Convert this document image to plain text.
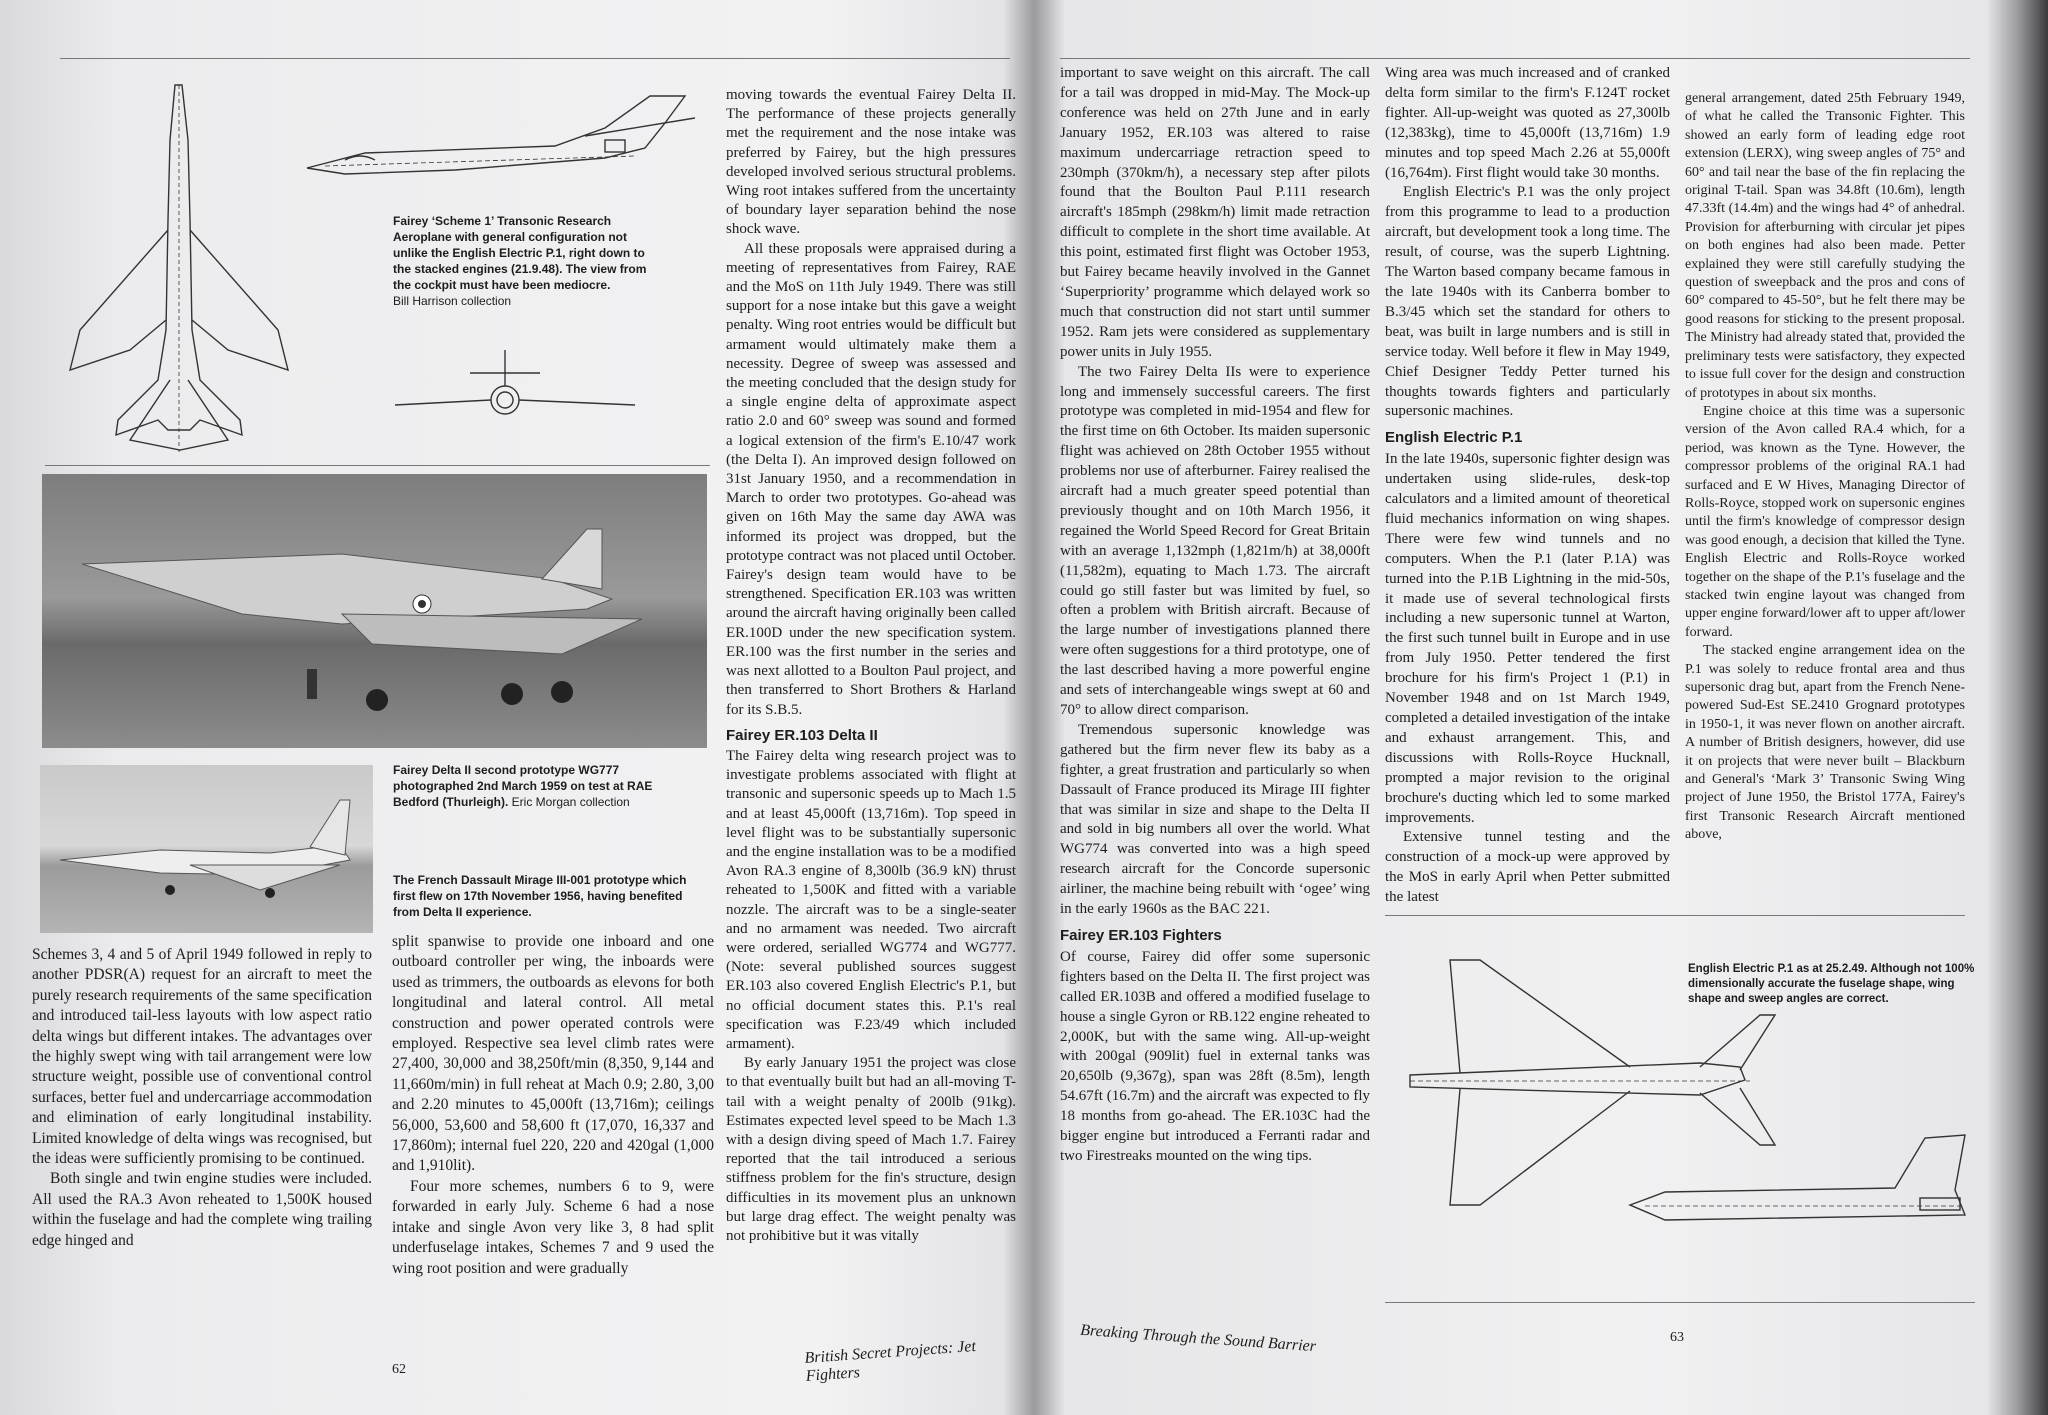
Fairey ‘Scheme 1’ Transonic Research Aeroplane with general configuration not unlike the English Electric P.1, right down to the stacked engines (21.9.48). The view from the cockpit must have been mediocre.
Bill Harrison collection
Fairey Delta II second prototype WG777 photographed 2nd March 1959 on test at RAE Bedford (Thurleigh). Eric Morgan collection
The French Dassault Mirage III-001 prototype which first flew on 17th November 1956, having benefited from Delta II experience.

Schemes 3, 4 and 5 of April 1949 followed in reply to another PDSR(A) request for an aircraft to meet the purely research requirements of the same specification and introduced tail-less layouts with low aspect ratio delta wings but different intakes. The advantages over the highly swept wing with tail arrangement were low structure weight, possible use of conventional control surfaces, better fuel and undercarriage accommodation and elimination of early longitudinal instability. Limited knowledge of delta wings was recognised, but the ideas were sufficiently promising to be continued.

Both single and twin engine studies were included. All used the RA.3 Avon reheated to 1,500K housed within the fuselage and had the complete wing trailing edge hinged and

split spanwise to provide one inboard and one outboard controller per wing, the inboards were used as trimmers, the outboards as elevons for both longitudinal and lateral control. All metal construction and power operated controls were employed. Respective sea level climb rates were 27,400, 30,000 and 38,250ft/min (8,350, 9,144 and 11,660m/min) in full reheat at Mach 0.9; 2.80, 3,00 and 2.20 minutes to 45,000ft (13,716m); ceilings 56,000, 53,600 and 58,600 ft (17,070, 16,337 and 17,860m); internal fuel 220, 220 and 420gal (1,000 and 1,910lit).

Four more schemes, numbers 6 to 9, were forwarded in early July. Scheme 6 had a nose intake and single Avon very like 3, 8 had split underfuselage intakes, Schemes 7 and 9 used the wing root position and were gradually

moving towards the eventual Fairey Delta II. The performance of these projects generally met the requirement and the nose intake was preferred by Fairey, but the high pressures developed involved serious structural problems. Wing root intakes suffered from the uncertainty of boundary layer separation behind the nose shock wave.

All these proposals were appraised during a meeting of representatives from Fairey, RAE and the MoS on 11th July 1949. There was still support for a nose intake but this gave a weight penalty. Wing root entries would be difficult but armament would ultimately make them a necessity. Degree of sweep was assessed and the meeting concluded that the design study for a single engine delta of approximate aspect ratio 2.0 and 60° sweep was sound and formed a logical extension of the firm's E.10/47 work (the Delta I). An improved design followed on 31st January 1950, and a recommendation in March to order two prototypes. Go-ahead was given on 16th May the same day AWA was informed its project was dropped, but the prototype contract was not placed until October. Fairey's design team would have to be strengthened. Specification ER.103 was written around the aircraft having originally been called ER.100D under the new specification system. ER.100 was the first number in the series and was next allotted to a Boulton Paul project, and then transferred to Short Brothers & Harland for its S.B.5.

Fairey ER.103 Delta II

The Fairey delta wing research project was to investigate problems associated with flight at transonic and supersonic speeds up to Mach 1.5 and at least 45,000ft (13,716m). Top speed in level flight was to be substantially supersonic and the engine installation was to be a modified Avon RA.3 engine of 8,300lb (36.9 kN) thrust reheated to 1,500K and fitted with a variable nozzle. The aircraft was to be a single-seater and no armament was needed. Two aircraft were ordered, serialled WG774 and WG777. (Note: several published sources suggest ER.103 also covered English Electric's P.1, but no official document states this. P.1's real specification was F.23/49 which included armament).

By early January 1951 the project was close to that eventually built but had an all-moving T-tail with a weight penalty of 200lb (91kg). Estimates expected level speed to be Mach 1.3 with a design diving speed of Mach 1.7. Fairey reported that the tail introduced a serious stiffness problem for the fin's structure, design difficulties in its movement plus an unknown but large drag effect. The weight penalty was not prohibitive but it was vitally

62
British Secret Projects: Jet Fighters

important to save weight on this aircraft. The call for a tail was dropped in mid-May. The Mock-up conference was held on 27th June and in early January 1952, ER.103 was altered to raise maximum undercarriage retraction speed to 230mph (370km/h), a necessary step after pilots found that the Boulton Paul P.111 research aircraft's 185mph (298km/h) limit made retraction difficult to complete in the short time available. At this point, estimated first flight was October 1953, but Fairey became heavily involved in the Gannet ‘Superpriority’ programme which delayed work so much that construction did not start until summer 1952. Ram jets were considered as supplementary power units in July 1955.

The two Fairey Delta IIs were to experience long and immensely successful careers. The first prototype was completed in mid-1954 and flew for the first time on 6th October. Its maiden supersonic flight was achieved on 28th October 1955 without problems nor use of afterburner. Fairey realised the aircraft had a much greater speed potential than previously thought and on 10th March 1956, it regained the World Speed Record for Great Britain with an average 1,132mph (1,821m/h) at 38,000ft (11,582m), equating to Mach 1.73. The aircraft could go still faster but was limited by fuel, so often a problem with British aircraft. Because of the large number of investigations planned there were often suggestions for a third prototype, one of the last described having a more powerful engine and sets of interchangeable wings swept at 60 and 70° to allow direct comparison.

Tremendous supersonic knowledge was gathered but the firm never flew its baby as a fighter, a great frustration and particularly so when Dassault of France produced its Mirage III fighter that was similar in size and shape to the Delta II and sold in big numbers all over the world. What WG774 was converted into was a high speed research aircraft for the Concorde supersonic airliner, the machine being rebuilt with ‘ogee’ wing in the early 1960s as the BAC 221.

Fairey ER.103 Fighters

Of course, Fairey did offer some supersonic fighters based on the Delta II. The first project was called ER.103B and offered a modified fuselage to house a single Gyron or RB.122 engine reheated to 2,000K, but with the same wing. All-up-weight with 200gal (909lit) fuel in external tanks was 20,650lb (9,367g), span was 28ft (8.5m), length 54.67ft (16.7m) and the aircraft was expected to fly 18 months from go-ahead. The ER.103C had the bigger engine but introduced a Ferranti radar and two Firestreaks mounted on the wing tips.

Wing area was much increased and of cranked delta form similar to the firm's F.124T rocket fighter. All-up-weight was quoted as 27,300lb (12,383kg), time to 45,000ft (13,716m) 1.9 minutes and top speed Mach 2.26 at 55,000ft (16,764m). First flight would take 30 months.

English Electric's P.1 was the only project from this programme to lead to a production aircraft, but development took a long time. The result, of course, was the superb Lightning. The Warton based company became famous in the late 1940s with its Canberra bomber to B.3/45 which set the standard for others to beat, was built in large numbers and is still in service today. Well before it flew in May 1949, Chief Designer Teddy Petter turned his thoughts towards fighters and particularly supersonic machines.

English Electric P.1

In the late 1940s, supersonic fighter design was undertaken using slide-rules, desk-top calculators and a limited amount of theoretical fluid mechanics information on wing shapes. There were few wind tunnels and no computers. When the P.1 (later P.1A) was turned into the P.1B Lightning in the mid-50s, it made use of several technological firsts including a new supersonic tunnel at Warton, the first such tunnel built in Europe and in use from July 1950. Petter tendered the first brochure for his firm's Project 1 (P.1) in November 1948 and on 1st March 1949, completed a detailed investigation of the intake and exhaust arrangement. This, and discussions with Rolls-Royce Hucknall, prompted a major revision to the original brochure's ducting which led to some marked improvements.

Extensive tunnel testing and the construction of a mock-up were approved by the MoS in early April when Petter submitted the latest

general arrangement, dated 25th February 1949, of what he called the Transonic Fighter. This showed an early form of leading edge root extension (LERX), wing sweep angles of 75° and 60° and tail near the base of the fin replacing the original T-tail. Span was 34.8ft (10.6m), length 47.33ft (14.4m) and the wings had 4° of anhedral. Provision for afterburning with circular jet pipes on both engines had also been made. Petter explained they were still carefully studying the question of sweepback and the pros and cons of 60° compared to 45-50°, but he felt there may be good reasons for sticking to the present proposal. The Ministry had already stated that, provided the preliminary tests were satisfactory, they expected to issue full cover for the design and construction of prototypes in about six months.

Engine choice at this time was a supersonic version of the Avon called RA.4 which, for a period, was known as the Tyne. However, the compressor problems of the original RA.1 had surfaced and E W Hives, Managing Director of Rolls-Royce, stopped work on supersonic engines until the firm's knowledge of compressor design was good enough, a decision that killed the Tyne. English Electric and Rolls-Royce worked together on the shape of the P.1's fuselage and the stacked twin engine layout was changed from upper engine forward/lower aft to upper aft/lower forward.

The stacked engine arrangement idea on the P.1 was solely to reduce frontal area and thus supersonic drag but, apart from the French Nene-powered Sud-Est SE.2410 Grognard prototypes in 1950-1, it was never flown on another aircraft. A number of British designers, however, did use it on projects that were never built – Blackburn and General's ‘Mark 3’ Transonic Swing Wing project of June 1950, the Bristol 177A, Fairey's first Transonic Research Aircraft mentioned above,

English Electric P.1 as at 25.2.49. Although not 100% dimensionally accurate the fuselage shape, wing shape and sweep angles are correct.
Breaking Through the Sound Barrier	63
